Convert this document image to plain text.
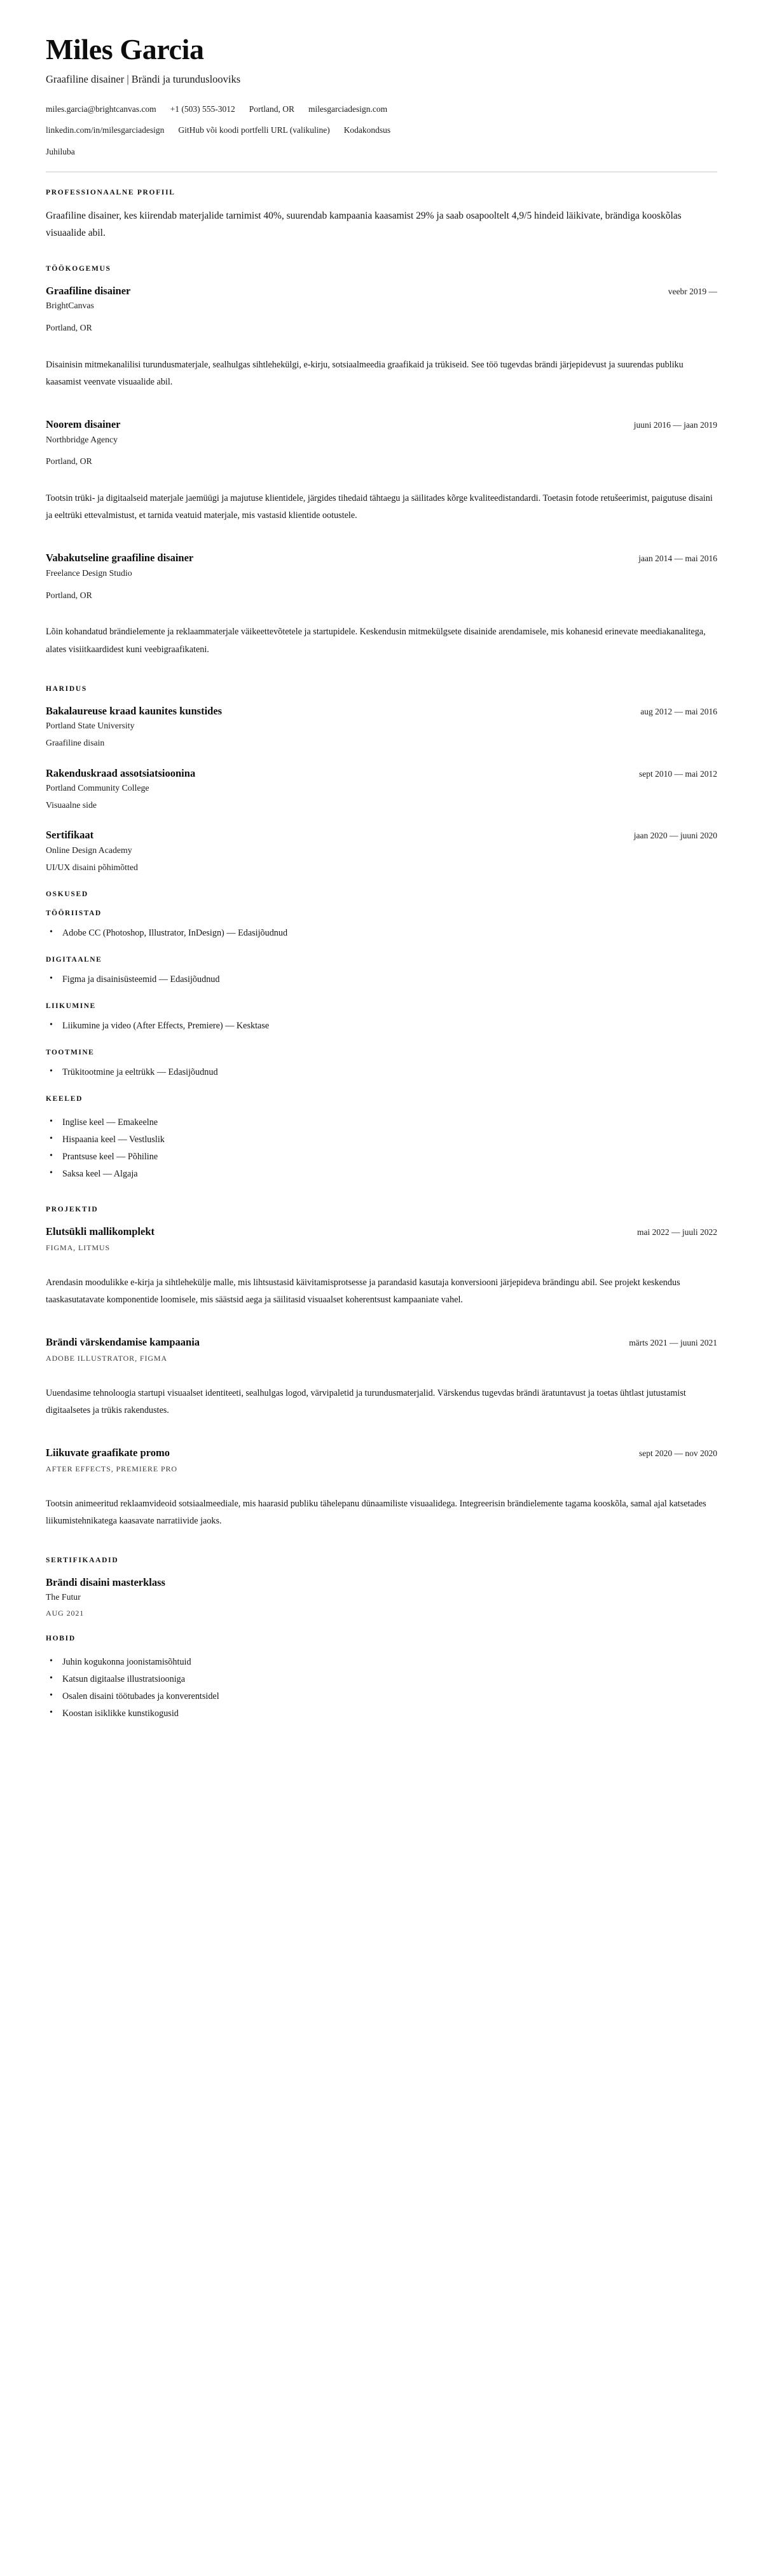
Miles Garcia

Graafiline disainer | Brändi ja turunduslooviks

miles.garcia@brightcanvas.com +1 (503) 555-3012 Portland, OR milesgarciadesign.com
linkedin.com/in/milesgarciadesign GitHub või koodi portfelli URL (valikuline) Kodakondsus
Juhiluba
PROFESSIONAALNE PROFIIL

Graafiline disainer, kes kiirendab materjalide tarnimist 40%, suurendab kampaania kaasamist 29% ja saab osapooltelt 4,9/5 hindeid läikivate, brändiga kooskõlas visuaalide abil.

TÖÖKOGEMUS
Graafiline disainer	veebr 2019 —

BrightCanvas

Portland, OR

Disainisin mitmekanalilisi turundusmaterjale, sealhulgas sihtlehekülgi, e-kirju, sotsiaalmeedia graafikaid ja trükiseid. See töö tugevdas brändi järjepidevust ja suurendas publiku kaasamist veenvate visuaalide abil.

Noorem disainer	juuni 2016 — jaan 2019

Northbridge Agency

Portland, OR

Tootsin trüki- ja digitaalseid materjale jaemüügi ja majutuse klientidele, järgides tihedaid tähtaegu ja säilitades kõrge kvaliteedistandardi. Toetasin fotode retušeerimist, paigutuse disaini ja eeltrüki ettevalmistust, et tarnida veatuid materjale, mis vastasid klientide ootustele.

Vabakutseline graafiline disainer	jaan 2014 — mai 2016

Freelance Design Studio

Portland, OR

Lõin kohandatud brändielemente ja reklaammaterjale väikeettevõtetele ja startupidele. Keskendusin mitmekülgsete disainide arendamisele, mis kohanesid erinevate meediakanalitega, alates visiitkaardidest kuni veebigraafikateni.

HARIDUS
Bakalaureuse kraad kaunites kunstides	aug 2012 — mai 2016

Portland State University

Graafiline disain

Rakenduskraad assotsiatsioonina	sept 2010 — mai 2012

Portland Community College

Visuaalne side

Sertifikaat	jaan 2020 — juuni 2020

Online Design Academy

UI/UX disaini põhimõtted

OSKUSED
TÖÖRIISTAD
• Adobe CC (Photoshop, Illustrator, InDesign) — Edasijõudnud
DIGITAALNE
• Figma ja disainisüsteemid — Edasijõudnud
LIIKUMINE
• Liikumine ja video (After Effects, Premiere) — Kesktase
TOOTMINE
• Trükitootmine ja eeltrükk — Edasijõudnud
KEELED
• Inglise keel — Emakeelne
• Hispaania keel — Vestluslik
• Prantsuse keel — Põhiline
• Saksa keel — Algaja
PROJEKTID
Elutsükli mallikomplekt	mai 2022 — juuli 2022

FIGMA, LITMUS

Arendasin moodulikke e-kirja ja sihtlehekülje malle, mis lihtsustasid käivitamisprotsesse ja parandasid kasutaja konversiooni järjepideva brändingu abil. See projekt keskendus taaskasutatavate komponentide loomisele, mis säästsid aega ja säilitasid visuaalset koherentsust kampaaniate vahel.

Brändi värskendamise kampaania	märts 2021 — juuni 2021

ADOBE ILLUSTRATOR, FIGMA

Uuendasime tehnoloogia startupi visuaalset identiteeti, sealhulgas logod, värvipaletid ja turundusmaterjalid. Värskendus tugevdas brändi äratuntavust ja toetas ühtlast jutustamist digitaalsetes ja trükis rakendustes.

Liikuvate graafikate promo	sept 2020 — nov 2020

AFTER EFFECTS, PREMIERE PRO

Tootsin animeeritud reklaamvideoid sotsiaalmeediale, mis haarasid publiku tähelepanu dünaamiliste visuaalidega. Integreerisin brändielemente tagama kooskõla, samal ajal katsetades liikumistehnikatega kaasavate narratiivide jaoks.

SERTIFIKAADID
Brändi disaini masterklass

The Futur

AUG 2021

HOBID
• Juhin kogukonna joonistamisõhtuid
• Katsun digitaalse illustratsiooniga
• Osalen disaini töötubades ja konverentsidel
• Koostan isiklikke kunstikogusid
